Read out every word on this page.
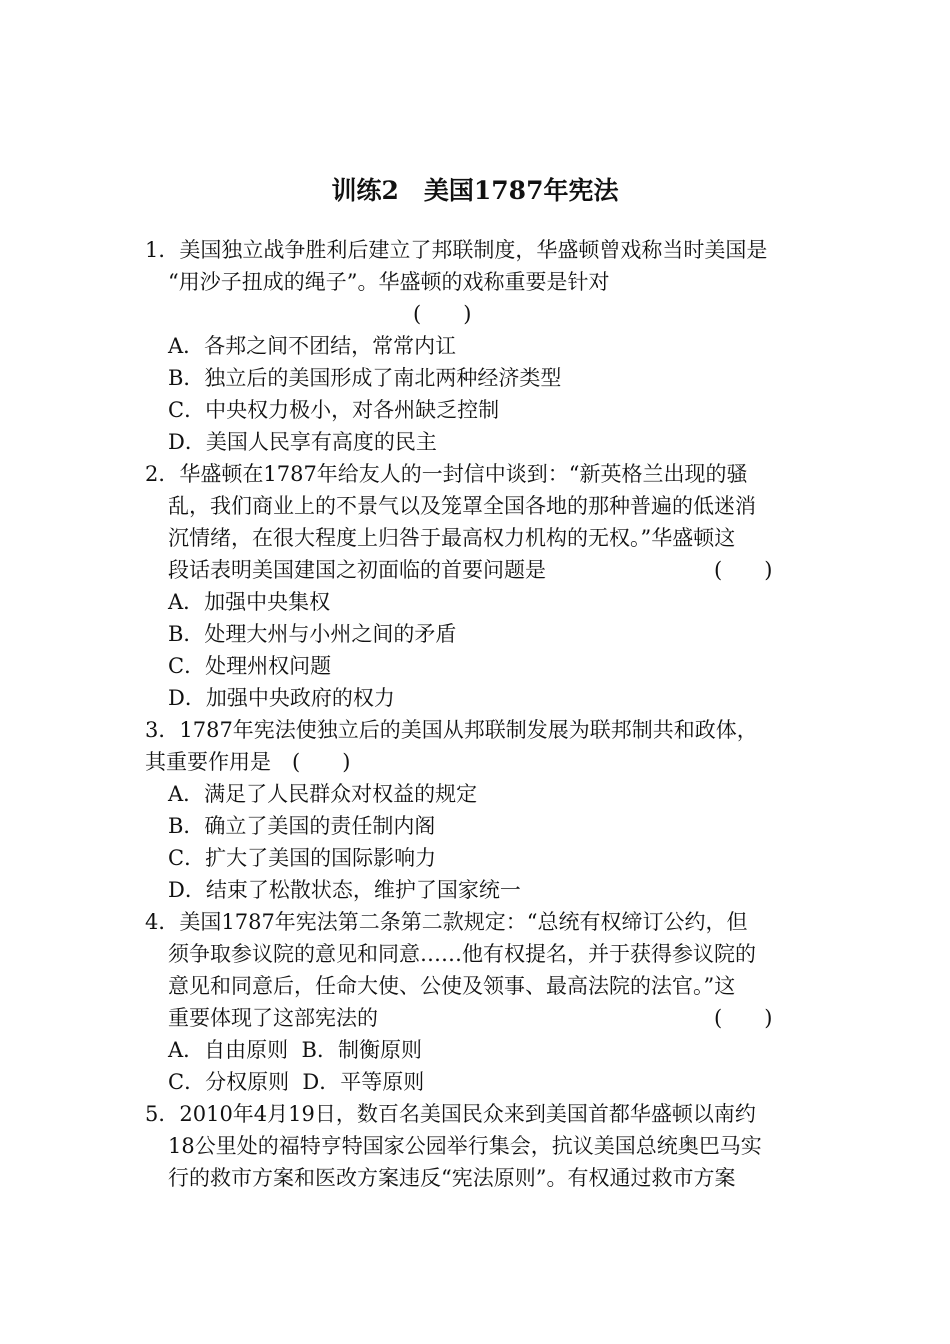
训练2　美国1787年宪法
1．美国独立战争胜利后建立了邦联制度，华盛顿曾戏称当时美国是
“用沙子扭成的绳子”。华盛顿的戏称重要是针对
(　　)
A．各邦之间不团结，常常内讧
B．独立后的美国形成了南北两种经济类型
C．中央权力极小，对各州缺乏控制
D．美国人民享有高度的民主
2．华盛顿在1787年给友人的一封信中谈到：“新英格兰出现的骚
乱，我们商业上的不景气以及笼罩全国各地的那种普遍的低迷消
沉情绪，在很大程度上归咎于最高权力机构的无权。”华盛顿这
段话表明美国建国之初面临的首要问题是	(　　)
A．加强中央集权
B．处理大州与小州之间的矛盾
C．处理州权问题
D．加强中央政府的权力
3．1787年宪法使独立后的美国从邦联制发展为联邦制共和政体，
其重要作用是　(　　)
A．满足了人民群众对权益的规定
B．确立了美国的责任制内阁
C．扩大了美国的国际影响力
D．结束了松散状态，维护了国家统一
4．美国1787年宪法第二条第二款规定：“总统有权缔订公约，但
须争取参议院的意见和同意……他有权提名，并于获得参议院的
意见和同意后，任命大使、公使及领事、最高法院的法官。”这
重要体现了这部宪法的	(　　)
A．自由原则  B．制衡原则
C．分权原则  D．平等原则
5．2010年4月19日，数百名美国民众来到美国首都华盛顿以南约
18公里处的福特亨特国家公园举行集会，抗议美国总统奥巴马实
行的救市方案和医改方案违反“宪法原则”。有权通过救市方案
